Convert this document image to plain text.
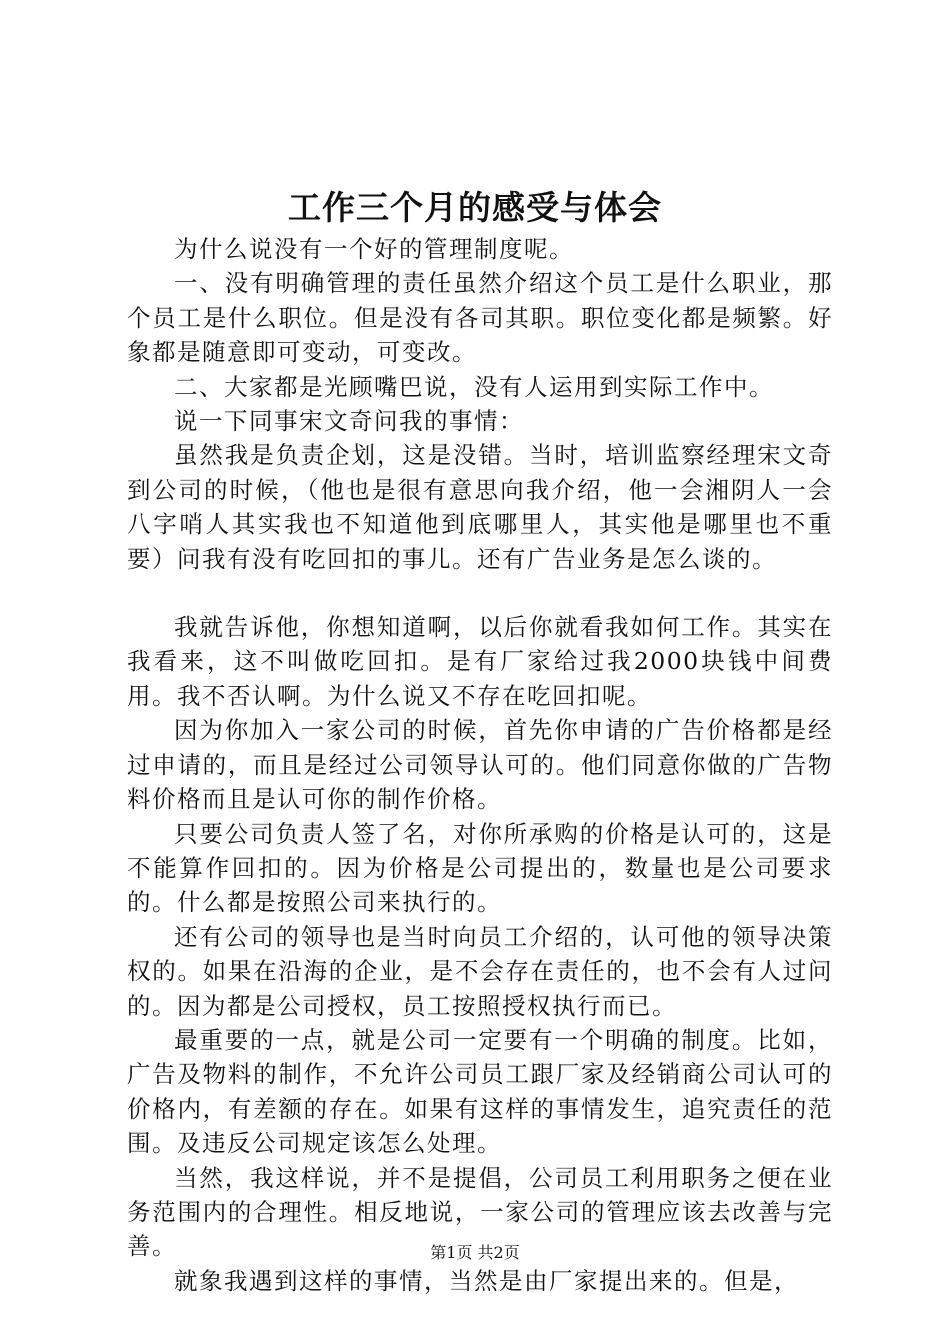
工作三个月的感受与体会

为什么说没有一个好的管理制度呢。

一、没有明确管理的责任虽然介绍这个员工是什么职业，那个员工是什么职位。但是没有各司其职。职位变化都是频繁。好象都是随意即可变动，可变改。

二、大家都是光顾嘴巴说，没有人运用到实际工作中。

说一下同事宋文奇问我的事情：

虽然我是负责企划，这是没错。当时，培训监察经理宋文奇到公司的时候，（他也是很有意思向我介绍，他一会湘阴人一会八字哨人其实我也不知道他到底哪里人，其实他是哪里也不重要）问我有没有吃回扣的事儿。还有广告业务是怎么谈的。

我就告诉他，你想知道啊，以后你就看我如何工作。其实在我看来，这不叫做吃回扣。是有厂家给过我2000块钱中间费用。我不否认啊。为什么说又不存在吃回扣呢。

因为你加入一家公司的时候，首先你申请的广告价格都是经过申请的，而且是经过公司领导认可的。他们同意你做的广告物料价格而且是认可你的制作价格。

只要公司负责人签了名，对你所承购的价格是认可的，这是不能算作回扣的。因为价格是公司提出的，数量也是公司要求的。什么都是按照公司来执行的。

还有公司的领导也是当时向员工介绍的，认可他的领导决策权的。如果在沿海的企业，是不会存在责任的，也不会有人过问的。因为都是公司授权，员工按照授权执行而已。

最重要的一点，就是公司一定要有一个明确的制度。比如，广告及物料的制作，不允许公司员工跟厂家及经销商公司认可的价格内，有差额的存在。如果有这样的事情发生，追究责任的范围。及违反公司规定该怎么处理。

当然，我这样说，并不是提倡，公司员工利用职务之便在业务范围内的合理性。相反地说，一家公司的管理应该去改善与完善。

就象我遇到这样的事情，当然是由厂家提出来的。但是，

第1页 共2页
